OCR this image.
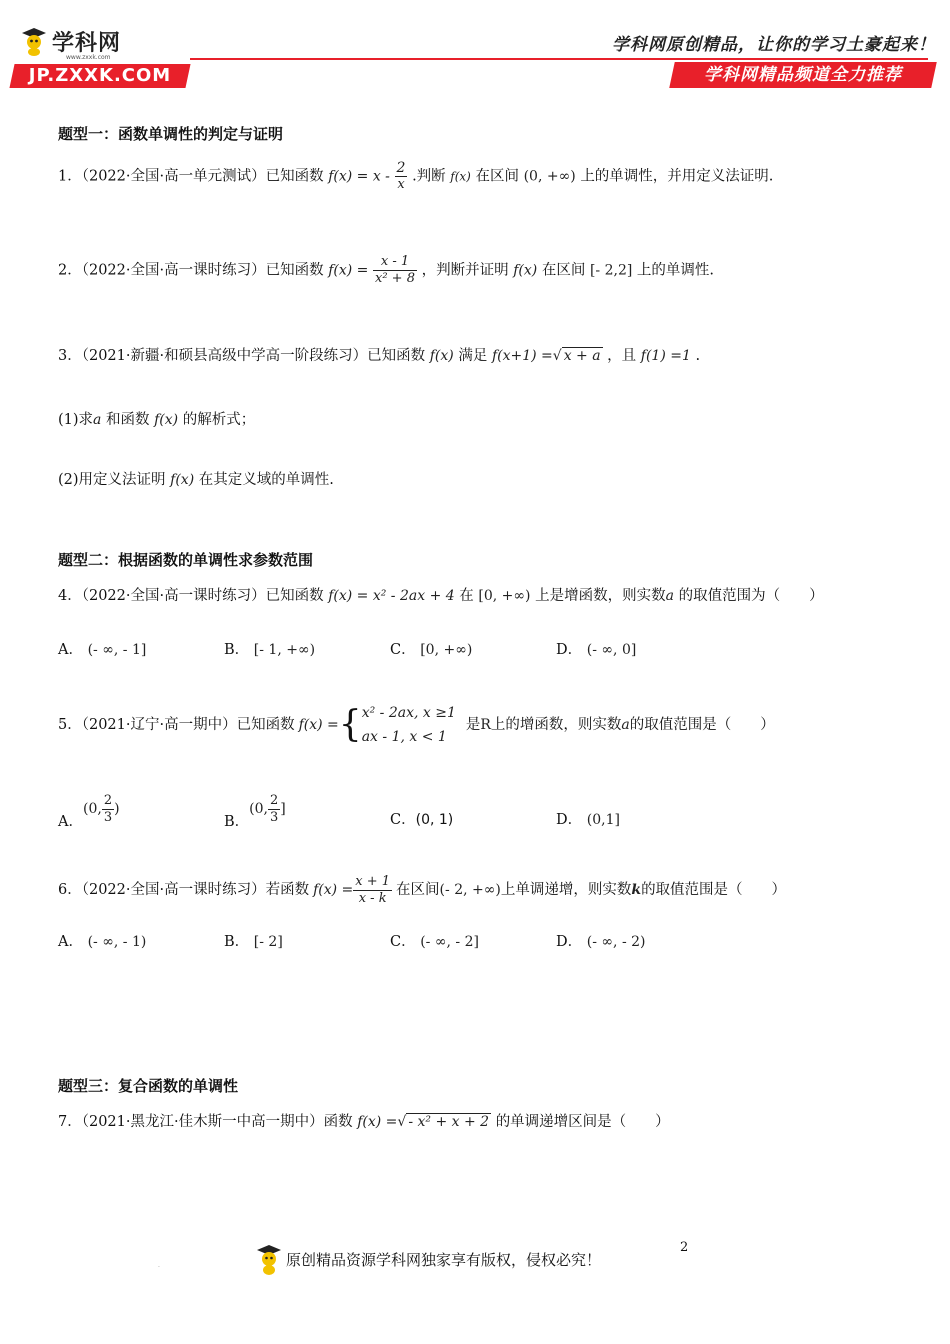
学科网
www.zxxk.com
JP.ZXXK.COM
学科网原创精品，让你的学习土豪起来！
学科网精品频道全力推荐
题型一：函数单调性的判定与证明
1．（2022·全国·高一单元测试）已知函数 $f(x) = x - \frac{2}{x}$ .判断 f(x) 在区间 (0, +∞) 上的单调性，并用定义法证明.
2．（2022·全国·高一课时练习）已知函数 $f(x) = \frac{x - 1}{\text{x² + 8}}$ ，判断并证明 f(x) 在区间 [- 2,2] 上的单调性.
3．（2021·新疆·和硕县高级中学高一阶段练习）已知函数 f(x) 满足 f(x+1) =√ x + a ，且 f(1) =1 .
(1)求a 和函数 f(x) 的解析式；
(2)用定义法证明 f(x) 在其定义域的单调性.
题型二：根据函数的单调性求参数范围
4．（2022·全国·高一课时练习）已知函数 f(x) = x² - 2ax + 4 在 [0, +∞) 上是增函数，则实数a 的取值范围为（　　）
A． (- ∞, - 1]	B． [- 1, +∞)	C． [0, +∞)	D． (- ∞, 0]
5．（2021·辽宁·高一期中）已知函数 f(x) = { x² - 2ax, x ≥1
ax - 1, x < 1
是 R 上的增函数，则实数 a 的取值范围是（　　）
A．
(0, $\frac{2}{3}$ )
B．
(0, $\frac{2}{3}$ ]
C．(0, 1)	D． (0,1]
6．（2022·全国·高一课时练习）若函数 $f(x) = \frac{x + 1}{x - k}$ 在区间 (- 2, +∞) 上单调递增，则实数 k 的取值范围是（　　）
A． (- ∞, - 1)	B． [- 2]	C． (- ∞, - 2]	D． (- ∞, - 2)
题型三：复合函数的单调性
7．（2021·黑龙江·佳木斯一中高一期中）函数 f(x) =√ - x² + x + 2 的单调递增区间是（　　）
.
2
原创精品资源学科网独家享有版权，侵权必究！
